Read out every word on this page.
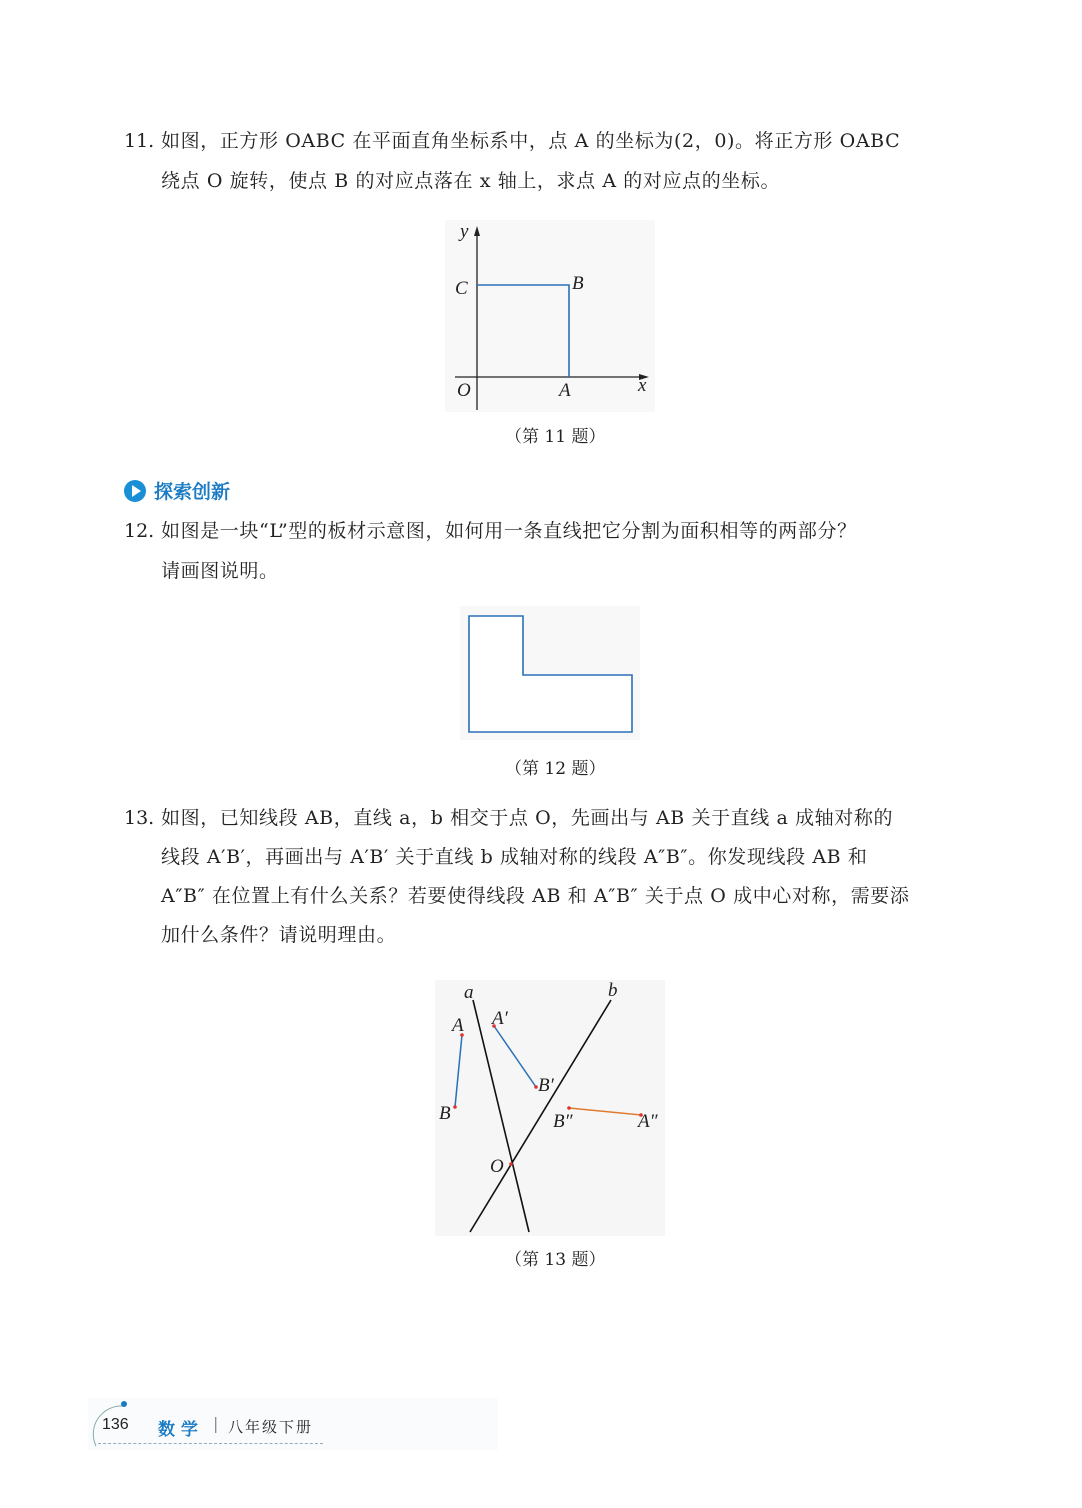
11. 如图，正方形 OABC 在平面直角坐标系中，点 A 的坐标为(2，0)。将正方形 OABC
绕点 O 旋转，使点 B 的对应点落在 x 轴上，求点 A 的对应点的坐标。
y
C	B
O	A	x
a	b
A
B
A′
B′
B″	A″
O
（第 11 题）
探索创新
12. 如图是一块“L”型的板材示意图，如何用一条直线把它分割为面积相等的两部分？
请画图说明。
（第 12 题）
13. 如图，已知线段 AB，直线 a，b 相交于点 O，先画出与 AB 关于直线 a 成轴对称的
线段 A′B′，再画出与 A′B′ 关于直线 b 成轴对称的线段 A″B″。你发现线段 AB 和
A″B″ 在位置上有什么关系？若要使得线段 AB 和 A″B″ 关于点 O 成中心对称，需要添
加什么条件？请说明理由。
（第 13 题）
136 数 学 | 八年级下册
